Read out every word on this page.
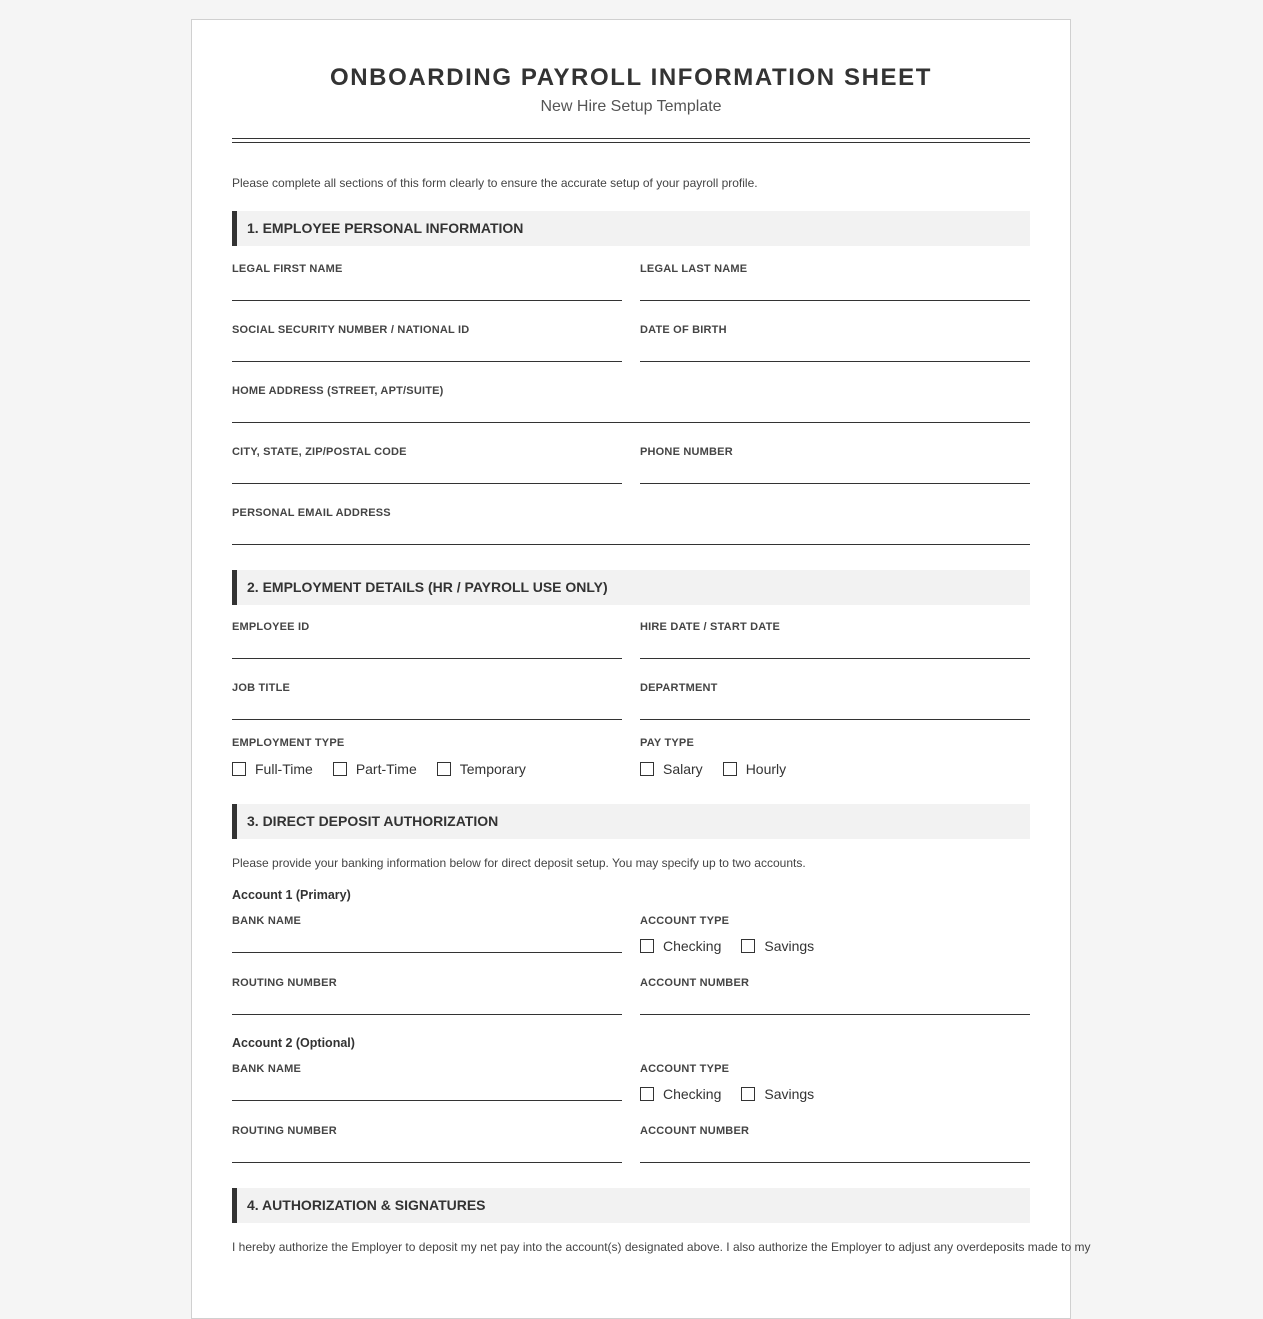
ONBOARDING PAYROLL INFORMATION SHEET
New Hire Setup Template
Please complete all sections of this form clearly to ensure the accurate setup of your payroll profile.
1. EMPLOYEE PERSONAL INFORMATION
LEGAL FIRST NAME	LEGAL LAST NAME
SOCIAL SECURITY NUMBER / NATIONAL ID	DATE OF BIRTH
HOME ADDRESS (STREET, APT/SUITE)
CITY, STATE, ZIP/POSTAL CODE	PHONE NUMBER
PERSONAL EMAIL ADDRESS
2. EMPLOYMENT DETAILS (HR / PAYROLL USE ONLY)
EMPLOYEE ID	HIRE DATE / START DATE
JOB TITLE	DEPARTMENT
EMPLOYMENT TYPE
Full-Time	Part-Time	Temporary
PAY TYPE
Salary	Hourly
3. DIRECT DEPOSIT AUTHORIZATION
Please provide your banking information below for direct deposit setup. You may specify up to two accounts.
Account 1 (Primary)
BANK NAME	ACCOUNT TYPE
Checking	Savings
ROUTING NUMBER	ACCOUNT NUMBER
Account 2 (Optional)
BANK NAME	ACCOUNT TYPE
Checking	Savings
ROUTING NUMBER	ACCOUNT NUMBER
4. AUTHORIZATION & SIGNATURES
I hereby authorize the Employer to deposit my net pay into the account(s) designated above. I also authorize the Employer to adjust any overdeposits made to my
